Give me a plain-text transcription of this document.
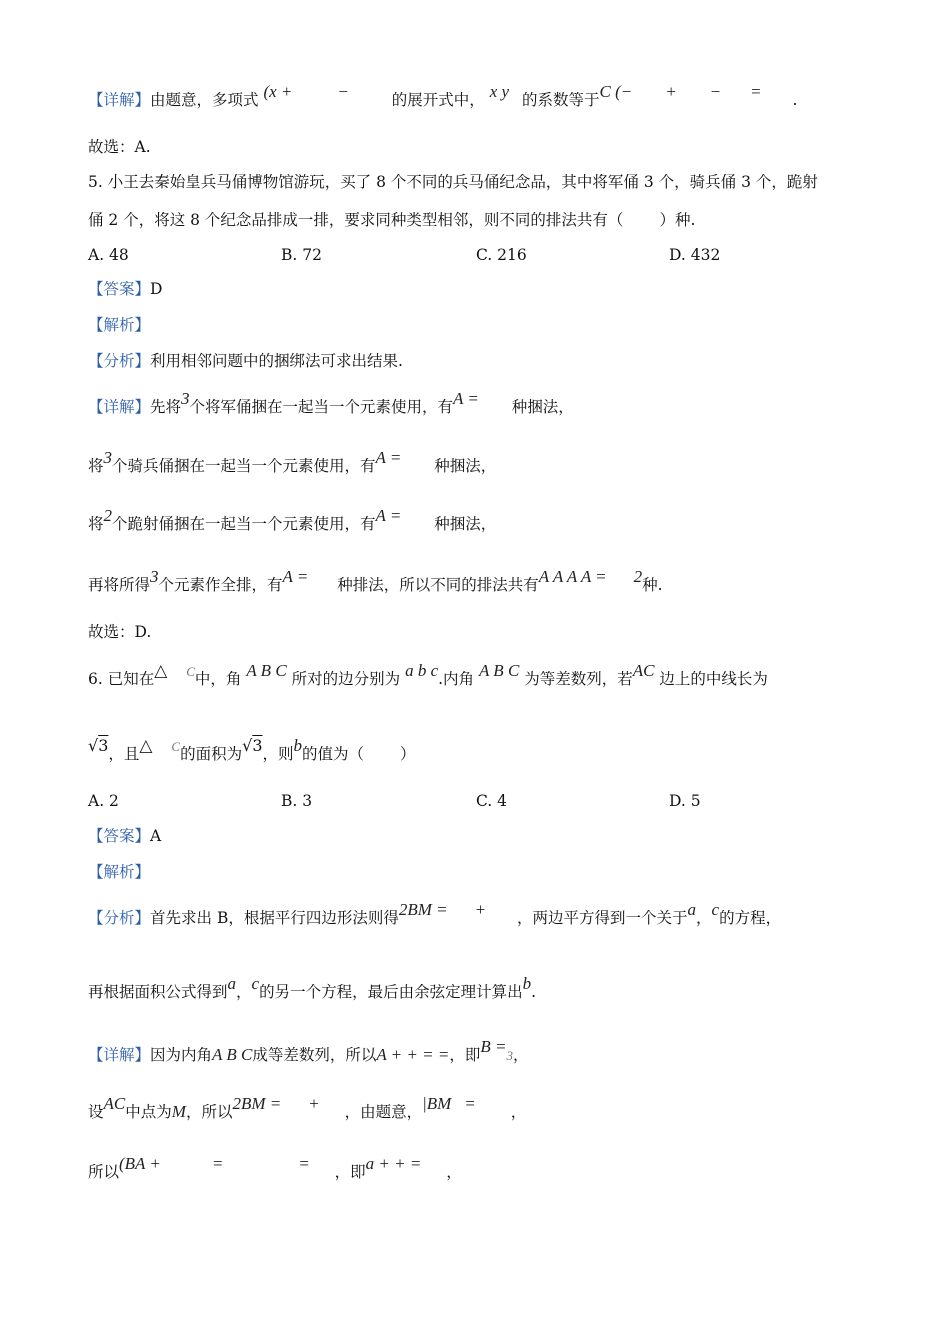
【详解】由题意，多项式 (x +	−	的展开式中， x y 的系数等于C (− + − = .
故选：A.
5. 小王去秦始皇兵马俑博物馆游玩，买了 8 个不同的兵马俑纪念品，其中将军俑 3 个，骑兵俑 3 个，跪射
俑 2 个，将这 8 个纪念品排成一排，要求同种类型相邻，则不同的排法共有（ ）种.
A. 48	B. 72	C. 216	D. 432
【答案】D
【解析】
【分析】利用相邻问题中的捆绑法可求出结果.
【详解】先将3个将军俑捆在一起当一个元素使用，有A = 种捆法，
将3个骑兵俑捆在一起当一个元素使用，有A = 种捆法，
将2个跪射俑捆在一起当一个元素使用，有A = 种捆法，
再将所得3个元素作全排，有A = 种排法，所以不同的排法共有A A A A = 2种.
故选：D.
6. 已知在△ $^C$中，角 A B C 所对的边分别为 a b c.内角 A B C 为等差数列，若AC 边上的中线长为
√3，且△ $^C$的面积为√3，则b的值为（ ）
A. 2	B. 3	C. 4	D. 5
【答案】A
【解析】
【分析】首先求出 B，根据平行四边形法则得2BM = + ，两边平方得到一个关于a，c的方程，
再根据面积公式得到a，c的另一个方程，最后由余弦定理计算出b.
【详解】因为内角A B C成等差数列，所以A + + = =，即B =3，
设AC中点为M，所以2BM = + ，由题意，|BM = ，
所以(BA +	=	= ，即a + + = ，
